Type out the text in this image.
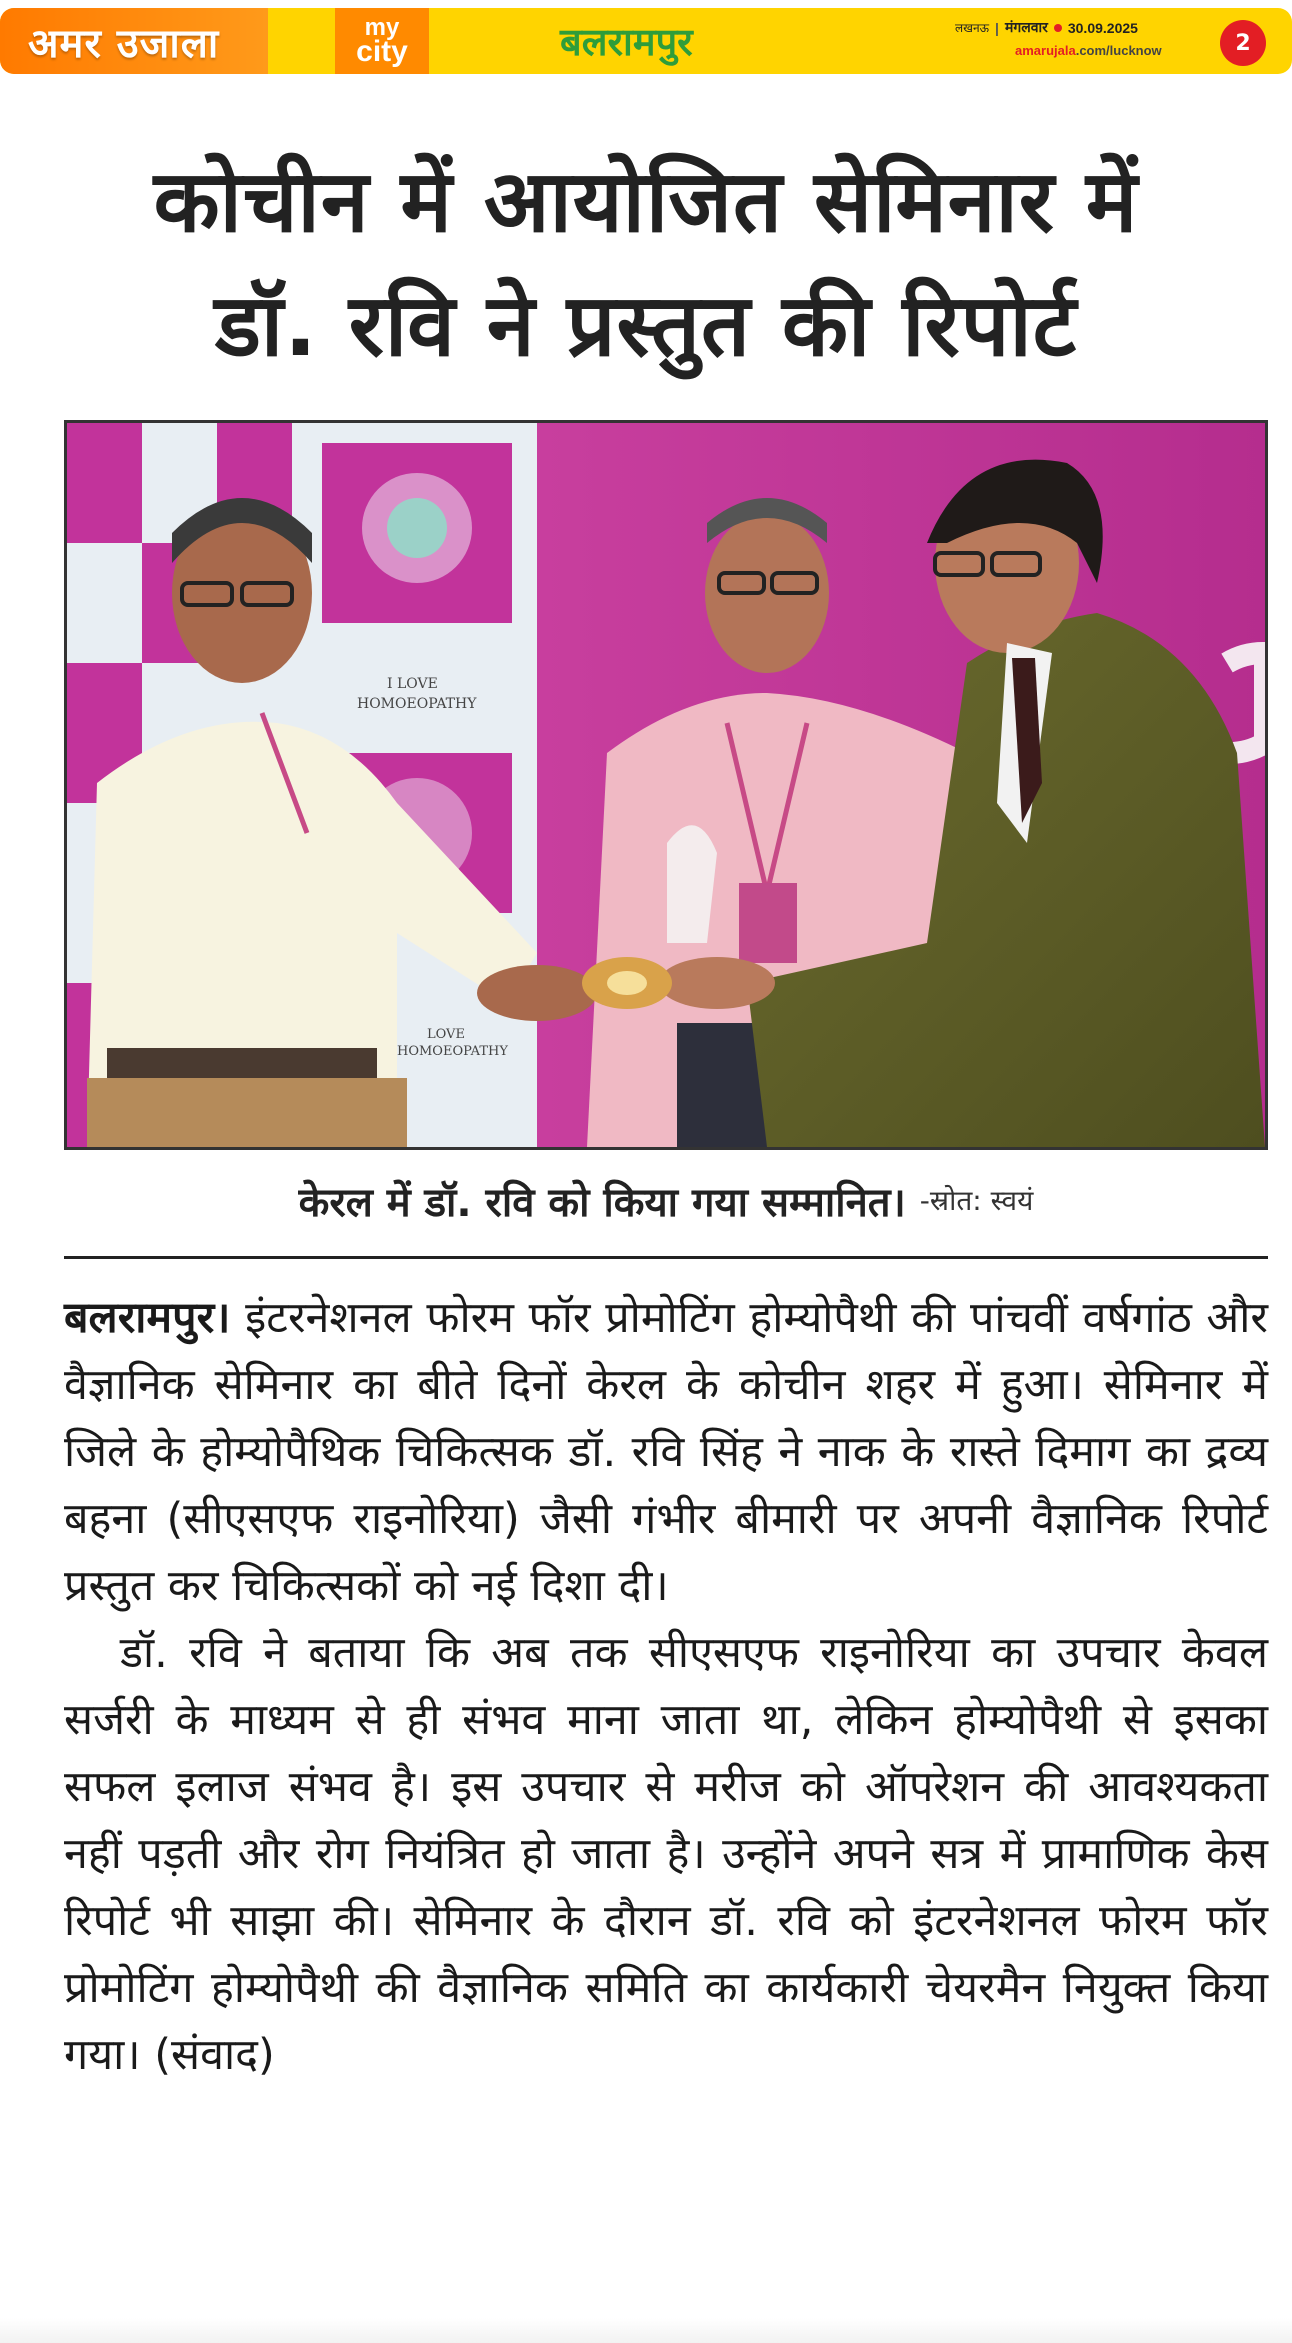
अमर उजाला	my
city	बलरामपुर	लखनऊ | मंगलवार 30.09.2025
amarujala.com/lucknow	2
कोचीन में आयोजित सेमिनार में
डॉ. रवि ने प्रस्तुत की रिपोर्ट
I LOVE
HOMOEOPATHY
LOVE
HOMOEOPATHY
केरल में डॉ. रवि को किया गया सम्मानित। -स्रोत: स्वयं

बलरामपुर। इंटरनेशनल फोरम फॉर प्रोमोटिंग होम्योपैथी की पांचवीं वर्षगांठ और वैज्ञानिक सेमिनार का बीते दिनों केरल के कोचीन शहर में हुआ। सेमिनार में जिले के होम्योपैथिक चिकित्सक डॉ. रवि सिंह ने नाक के रास्ते दिमाग का द्रव्य बहना (सीएसएफ राइनोरिया) जैसी गंभीर बीमारी पर अपनी वैज्ञानिक रिपोर्ट प्रस्तुत कर चिकित्सकों को नई दिशा दी।

डॉ. रवि ने बताया कि अब तक सीएसएफ राइनोरिया का उपचार केवल सर्जरी के माध्यम से ही संभव माना जाता था, लेकिन होम्योपैथी से इसका सफल इलाज संभव है। इस उपचार से मरीज को ऑपरेशन की आवश्यकता नहीं पड़ती और रोग नियंत्रित हो जाता है। उन्होंने अपने सत्र में प्रामाणिक केस रिपोर्ट भी साझा की। सेमिनार के दौरान डॉ. रवि को इंटरनेशनल फोरम फॉर प्रोमोटिंग होम्योपैथी की वैज्ञानिक समिति का कार्यकारी चेयरमैन नियुक्त किया गया। (संवाद)
